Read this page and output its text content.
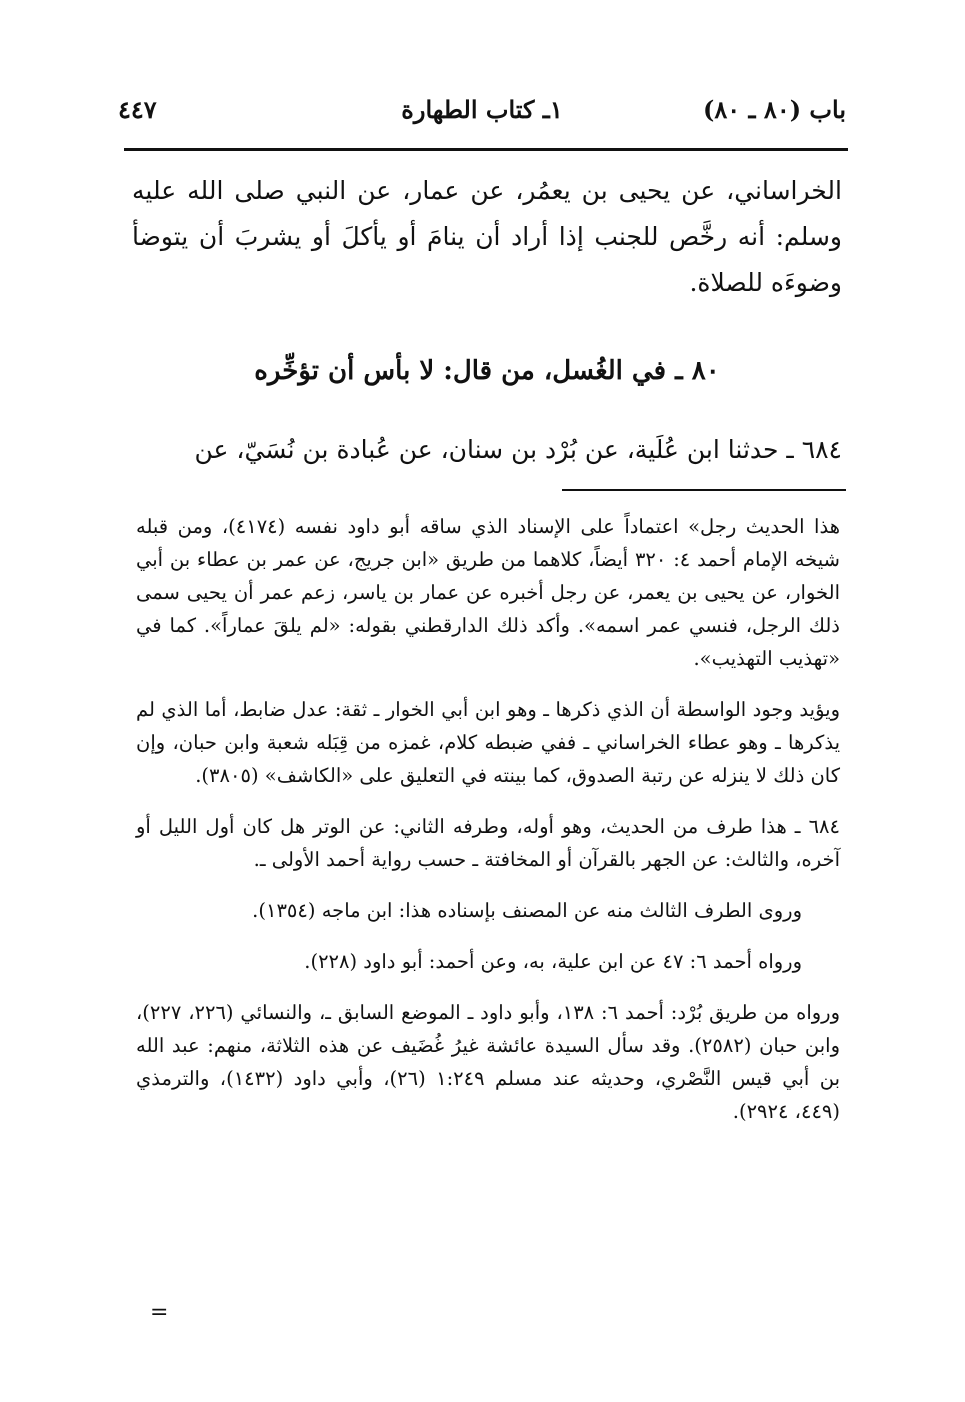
باب (٨٠ ـ ٨٠)
١ـ كتاب الطهارة
٤٤٧
الخراساني، عن يحيى بن يعمُر، عن عمار، عن النبي صلى الله عليه وسلم: أنه رخَّص للجنب إذا أراد أن ينامَ أو يأكلَ أو يشربَ أن يتوضأ وضوءَه للصلاة.
٨٠ ـ في الغُسل، من قال: لا بأس أن تؤخِّره
٦٨٤ ـ حدثنا ابن عُلَية، عن بُرْد بن سنان، عن عُبادة بن نُسَيّ، عن

هذا الحديث رجل» اعتماداً على الإسناد الذي ساقه أبو داود نفسه (٤١٧٤)، ومن قبله شيخه الإمام أحمد ٤: ٣٢٠ أيضاً، كلاهما من طريق «ابن جريج، عن عمر بن عطاء بن أبي الخوار، عن يحيى بن يعمر، عن رجل أخبره عن عمار بن ياسر، زعم عمر أن يحيى سمى ذلك الرجل، فنسي عمر اسمه». وأكد ذلك الدارقطني بقوله: «لم يلقَ عماراً». كما في «تهذيب التهذيب».

ويؤيد وجود الواسطة أن الذي ذكرها ـ وهو ابن أبي الخوار ـ ثقة: عدل ضابط، أما الذي لم يذكرها ـ وهو عطاء الخراساني ـ ففي ضبطه كلام، غمزه من قِبَله شعبة وابن حبان، وإن كان ذلك لا ينزله عن رتبة الصدوق، كما بينته في التعليق على «الكاشف» (٣٨٠٥).

٦٨٤ ـ هذا طرف من الحديث، وهو أوله، وطرفه الثاني: عن الوتر هل كان أول الليل أو آخره، والثالث: عن الجهر بالقرآن أو المخافتة ـ حسب رواية أحمد الأولى ـ.

وروى الطرف الثالث منه عن المصنف بإسناده هذا: ابن ماجه (١٣٥٤).

ورواه أحمد ٦: ٤٧ عن ابن علية، به، وعن أحمد: أبو داود (٢٢٨).

ورواه من طريق بُرْد: أحمد ٦: ١٣٨، وأبو داود ـ الموضع السابق ـ، والنسائي (٢٢٦، ٢٢٧)، وابن حبان (٢٥٨٢). وقد سأل السيدة عائشة غيرُ غُضَيف عن هذه الثلاثة، منهم: عبد الله بن أبي قيس النَّصْري، وحديثه عند مسلم ١:٢٤٩ (٢٦)، وأبي داود (١٤٣٢)، والترمذي (٤٤٩، ٢٩٢٤).

=
